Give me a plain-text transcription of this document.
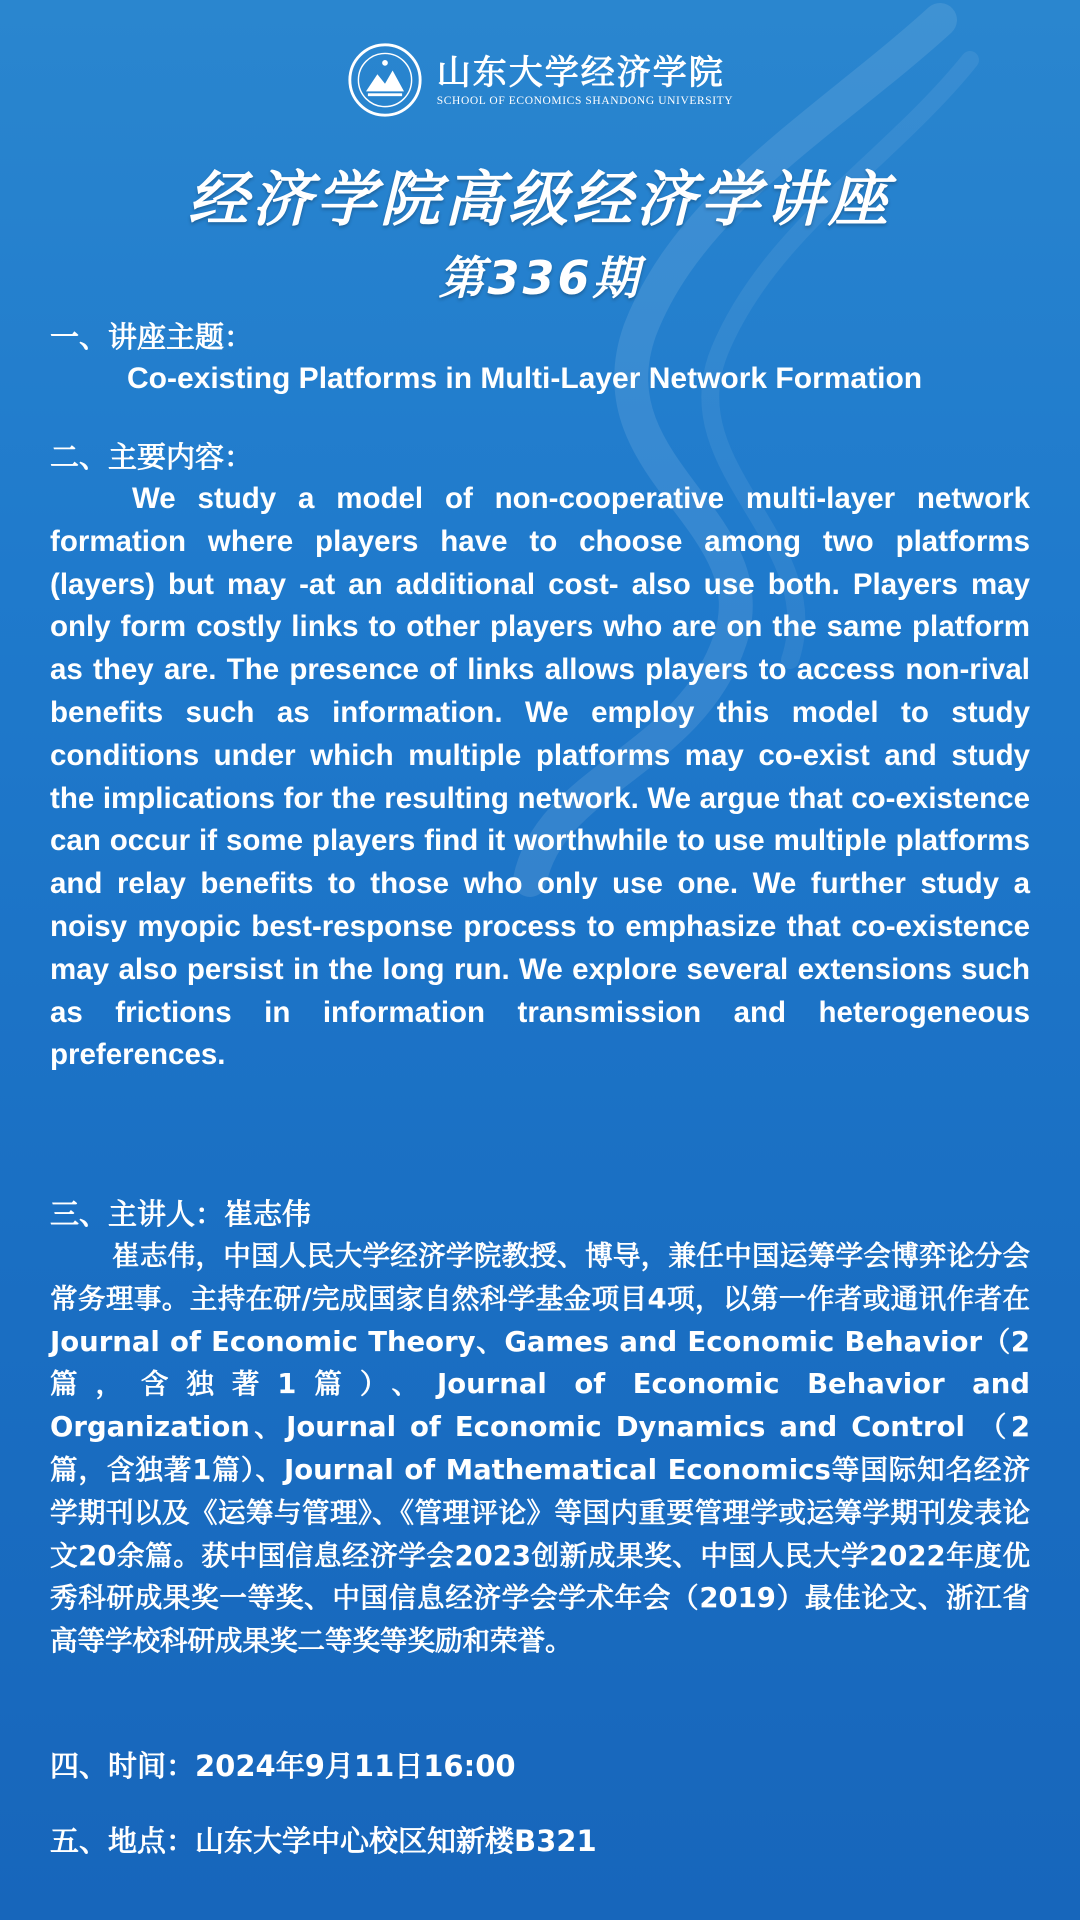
山东大学经济学院
SCHOOL OF ECONOMICS SHANDONG UNIVERSITY
经济学院高级经济学讲座
第336期
一、讲座主题：
Co-existing Platforms in Multi-Layer Network Formation
二、主要内容：
We study a model of non-cooperative multi-layer network formation where players have to choose among two platforms (layers) but may -at an additional cost- also use both. Players may only form costly links to other players who are on the same platform as they are. The presence of links allows players to access non-rival benefits such as information. We employ this model to study conditions under which multiple platforms may co-exist and study the implications for the resulting network. We argue that co-existence can occur if some players find it worthwhile to use multiple platforms and relay benefits to those who only use one. We further study a noisy myopic best-response process to emphasize that co-existence may also persist in the long run. We explore several extensions such as frictions in information transmission and heterogeneous preferences.
三、主讲人：崔志伟
崔志伟，中国人民大学经济学院教授、博导，兼任中国运筹学会博弈论分会常务理事。主持在研/完成国家自然科学基金项目4项，以第一作者或通讯作者在Journal of Economic Theory、Games and Economic Behavior（2篇，含独著1篇）、Journal of Economic Behavior and Organization、Journal of Economic Dynamics and Control （2篇，含独著1篇）、Journal of Mathematical Economics等国际知名经济学期刊以及《运筹与管理》、《管理评论》等国内重要管理学或运筹学期刊发表论文20余篇。获中国信息经济学会2023创新成果奖、中国人民大学2022年度优秀科研成果奖一等奖、中国信息经济学会学术年会（2019）最佳论文、浙江省高等学校科研成果奖二等奖等奖励和荣誉。
四、时间：2024年9月11日16:00
五、地点：山东大学中心校区知新楼B321
